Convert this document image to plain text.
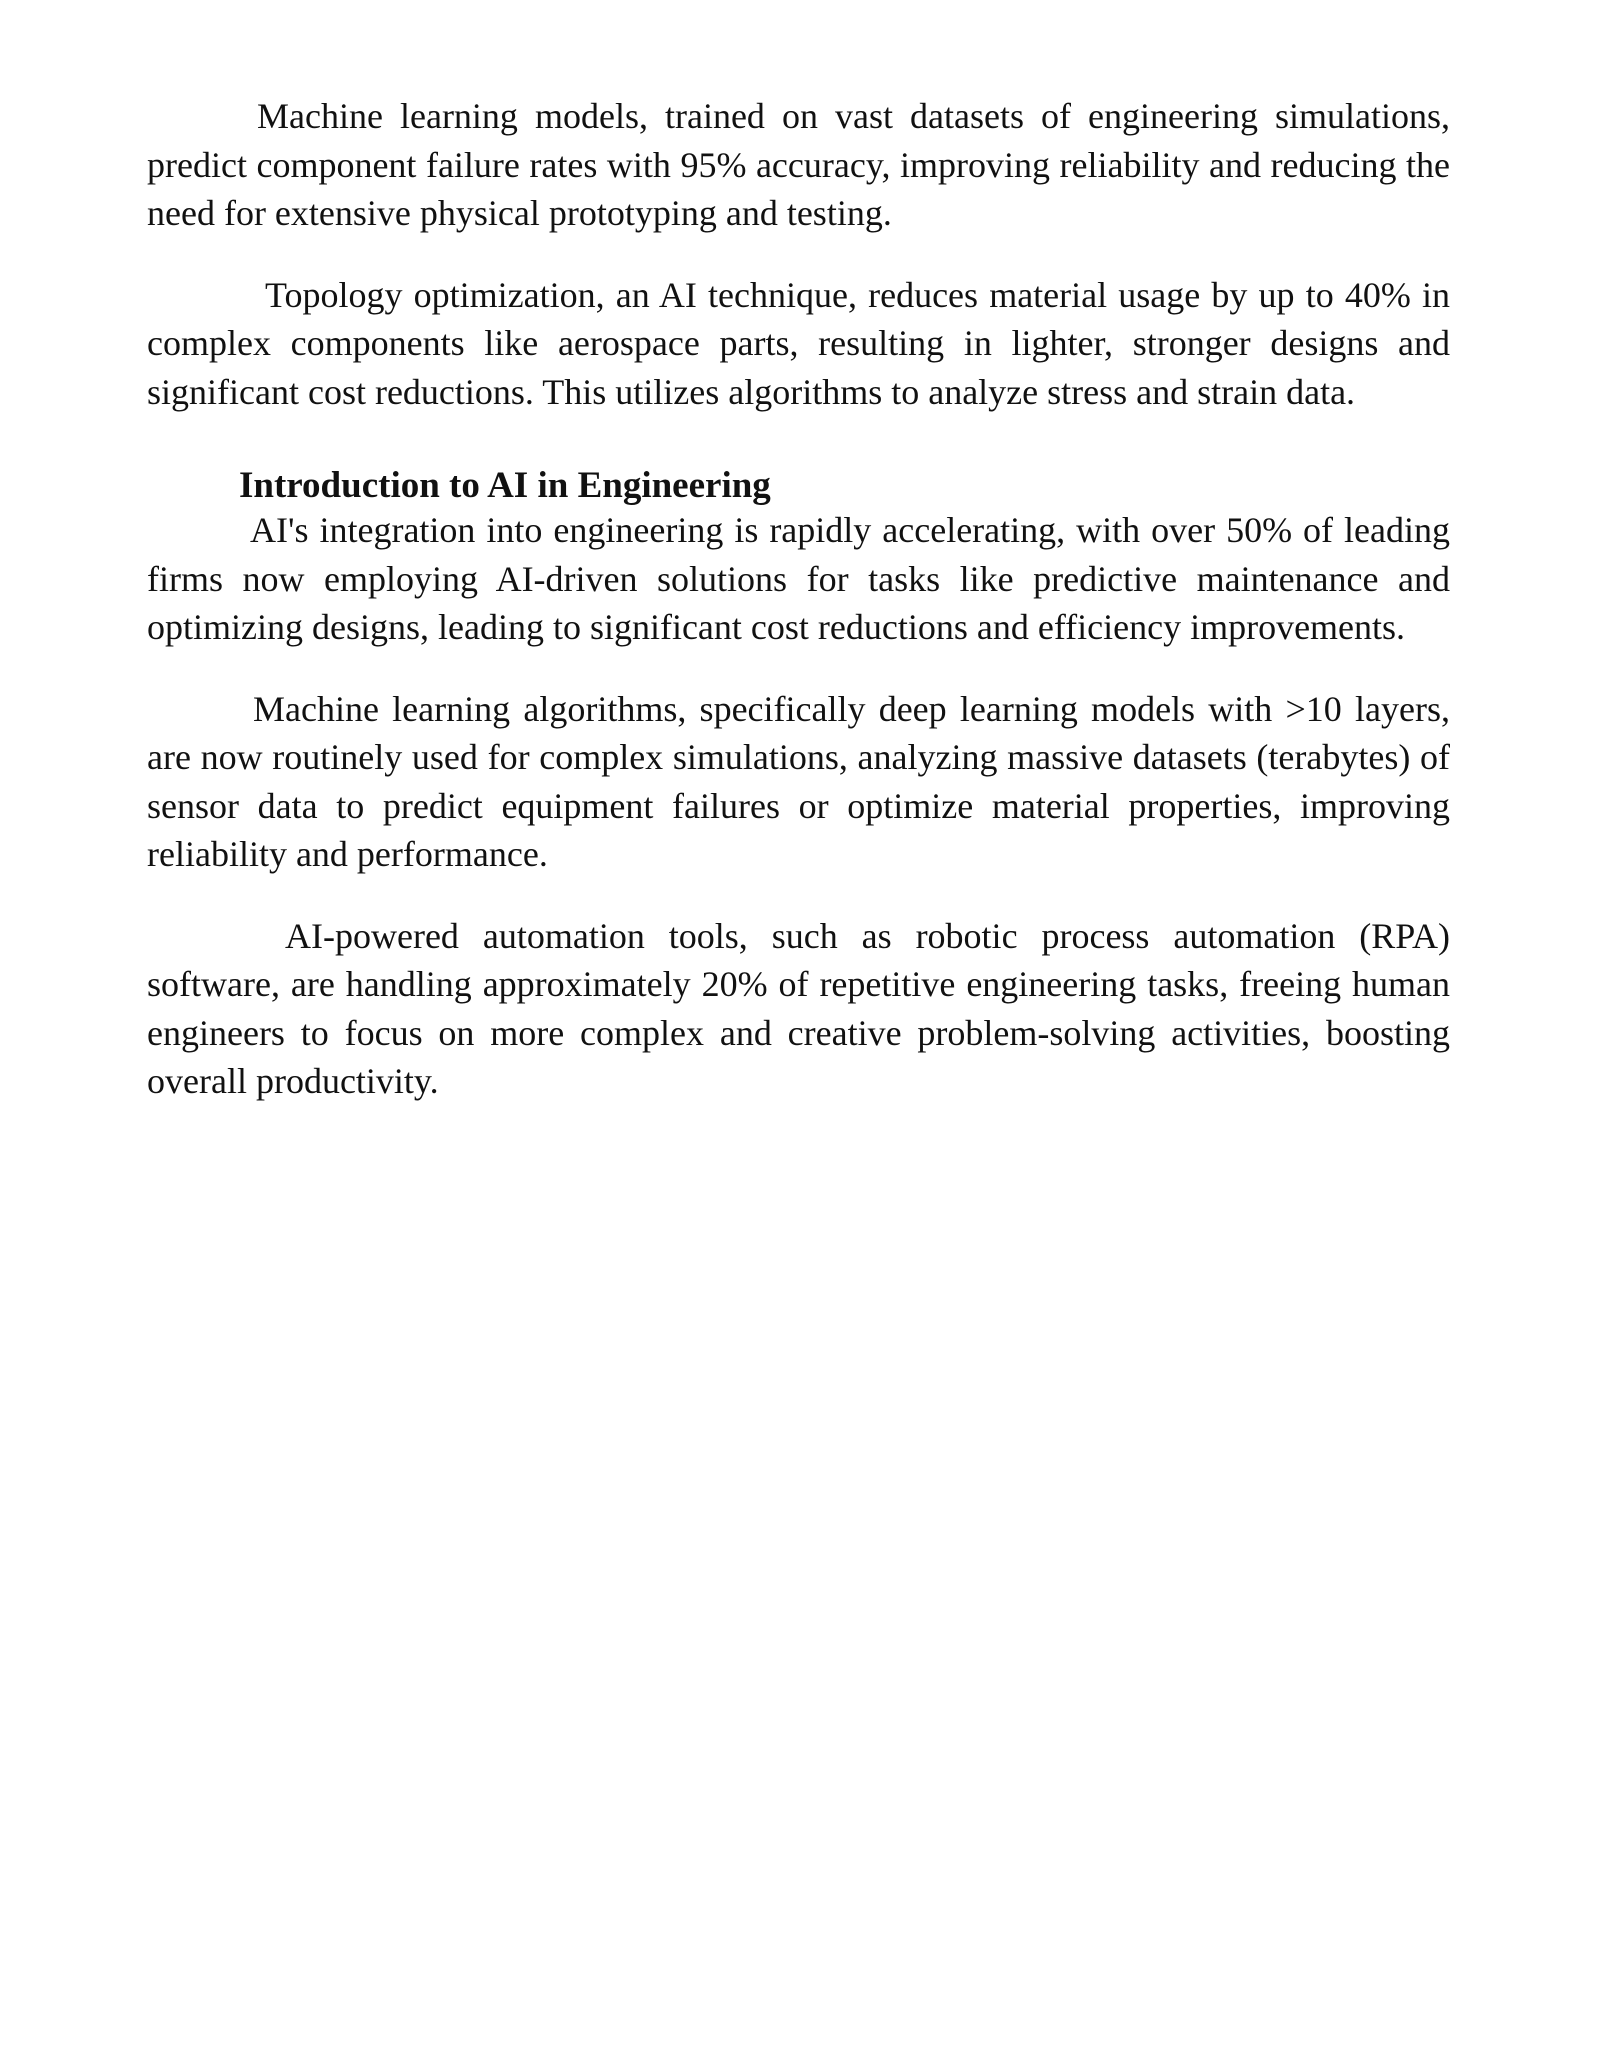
Machine learning models, trained on vast datasets of engineering simulations, predict component failure rates with 95% accuracy, improving reliability and reducing the need for extensive physical prototyping and testing.

Topology optimization, an AI technique, reduces material usage by up to 40% in complex components like aerospace parts, resulting in lighter, stronger designs and significant cost reductions. This utilizes algorithms to analyze stress and strain data.

Introduction to AI in Engineering

AI's integration into engineering is rapidly accelerating, with over 50% of leading firms now employing AI-driven solutions for tasks like predictive maintenance and optimizing designs, leading to significant cost reductions and efficiency improvements.

Machine learning algorithms, specifically deep learning models with >10 layers, are now routinely used for complex simulations, analyzing massive datasets (terabytes) of sensor data to predict equipment failures or optimize material properties, improving reliability and performance.

AI-powered automation tools, such as robotic process automation (RPA) software, are handling approximately 20% of repetitive engineering tasks, freeing human engineers to focus on more complex and creative problem-solving activities, boosting overall productivity.
